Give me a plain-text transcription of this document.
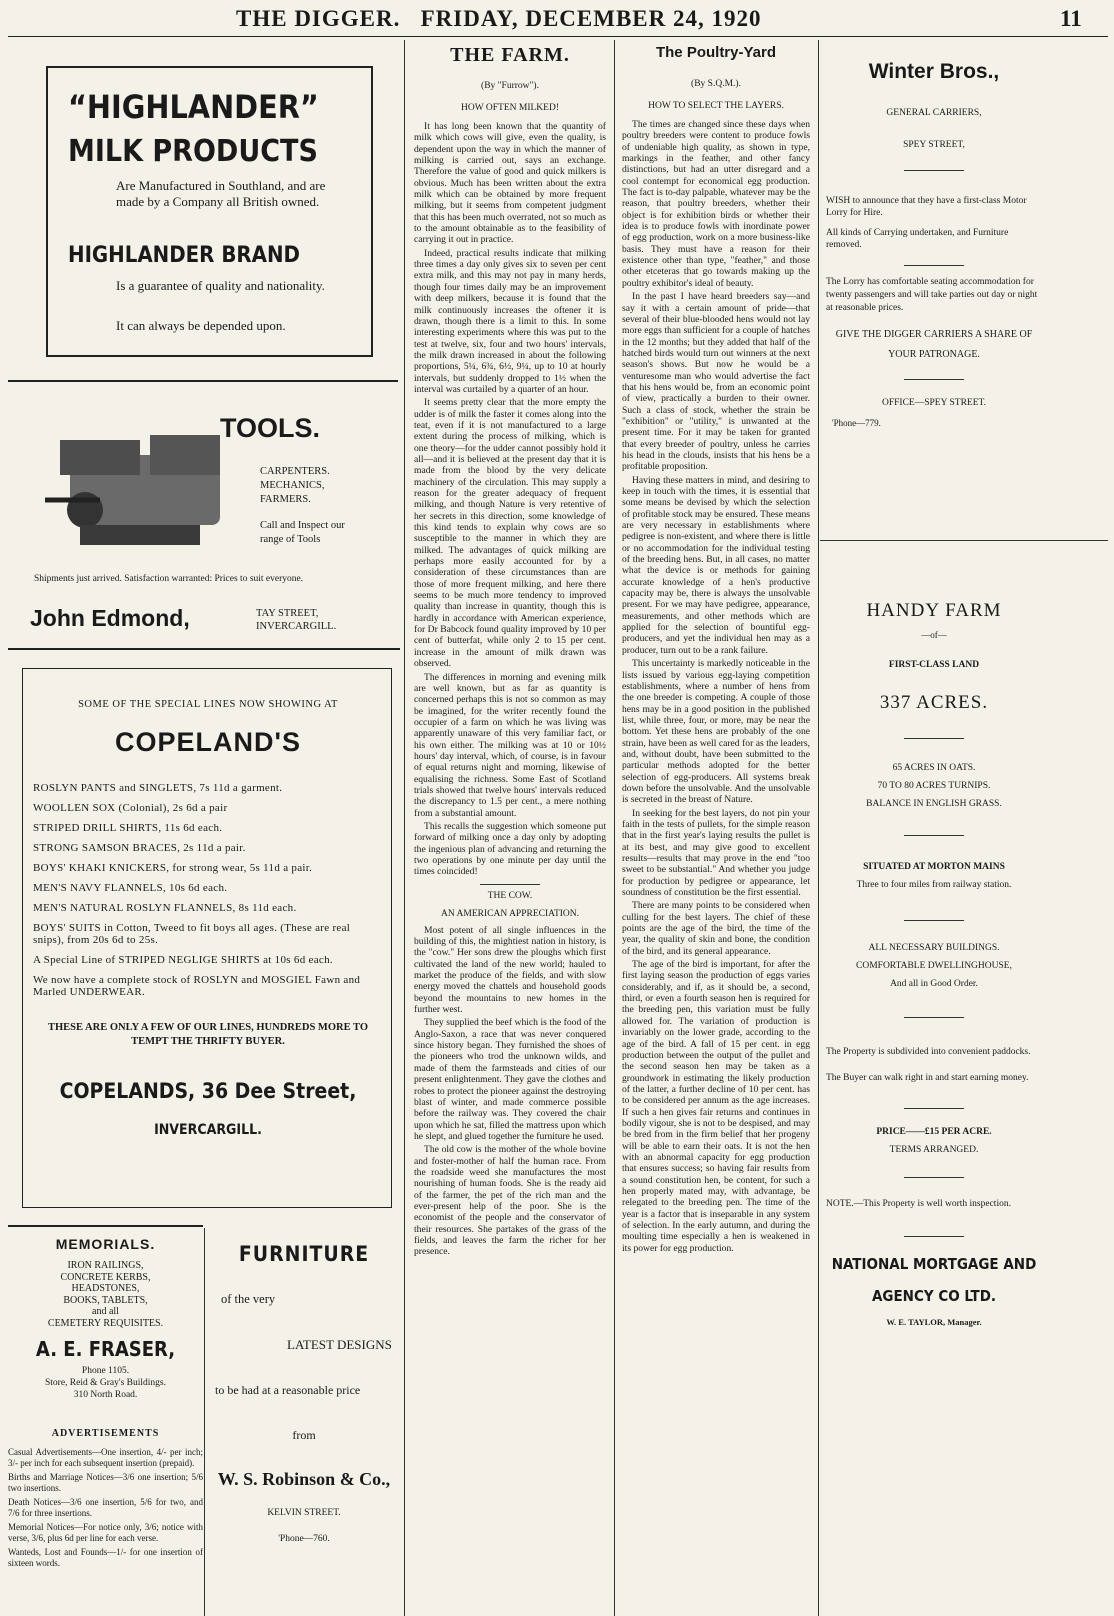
THE DIGGER.   FRIDAY, DECEMBER 24, 1920	11
“HIGHLANDER”
MILK PRODUCTS
Are Manufactured in Southland, and are made by a Company all British owned.
HIGHLANDER BRAND
Is a guarantee of quality and nationality.
It can always be depended upon.
TOOLS.
CARPENTERS.
MECHANICS,
FARMERS.
Call and Inspect our range of Tools
Shipments just arrived. Satisfaction warranted: Prices to suit everyone.
John Edmond,	TAY STREET,
INVERCARGILL.
SOME OF THE SPECIAL LINES NOW SHOWING AT
COPELAND'S
ROSLYN PANTS and SINGLETS, 7s 11d a garment.
WOOLLEN SOX (Colonial), 2s 6d a pair
STRIPED DRILL SHIRTS, 11s 6d each.
STRONG SAMSON BRACES, 2s 11d a pair.
BOYS' KHAKI KNICKERS, for strong wear, 5s 11d a pair.
MEN'S NAVY FLANNELS, 10s 6d each.
MEN'S NATURAL ROSLYN FLANNELS, 8s 11d each.
BOYS' SUITS in Cotton, Tweed to fit boys all ages. (These are real snips), from 20s 6d to 25s.
A Special Line of STRIPED NEGLIGE SHIRTS at 10s 6d each.
We now have a complete stock of ROSLYN and MOSGIEL Fawn and Marled UNDERWEAR.
THESE ARE ONLY A FEW OF OUR LINES, HUNDREDS MORE TO TEMPT THE THRIFTY BUYER.
COPELANDS, 36 Dee Street,
INVERCARGILL.
MEMORIALS.
IRON RAILINGS,
CONCRETE KERBS,
HEADSTONES,
BOOKS, TABLETS,
and all
CEMETERY REQUISITES.
A. E. FRASER,
Phone 1105.
Store, Reid & Gray's Buildings.
310 North Road.
ADVERTISEMENTS
Casual Advertisements—One insertion, 4/- per inch; 3/- per inch for each subsequent insertion (prepaid).
Births and Marriage Notices—3/6 one insertion; 5/6 two insertions.
Death Notices—3/6 one insertion, 5/6 for two, and 7/6 for three insertions.
Memorial Notices—For notice only, 3/6; notice with verse, 3/6, plus 6d per line for each verse.
Wanteds, Lost and Founds—1/- for one insertion of sixteen words.
FURNITURE
of the very
LATEST DESIGNS
to be had at a reasonable price
from
W. S. Robinson & Co.,
KELVIN STREET.
'Phone—760.
THE FARM.
(By "Furrow").
HOW OFTEN MILKED!

It has long been known that the quantity of milk which cows will give, even the quality, is dependent upon the way in which the manner of milking is carried out, says an exchange. Therefore the value of good and quick milkers is obvious. Much has been written about the extra milk which can be obtained by more frequent milking, but it seems from competent judgment that this has been much overrated, not so much as to the amount obtainable as to the feasibility of carrying it out in practice.

Indeed, practical results indicate that milking three times a day only gives six to seven per cent extra milk, and this may not pay in many herds, though four times daily may be an improvement with deep milkers, because it is found that the milk continuously increases the oftener it is drawn, though there is a limit to this. In some interesting experiments where this was put to the test at twelve, six, four and two hours' intervals, the milk drawn increased in about the following proportions, 5¼, 6¾, 6½, 9¼, up to 10 at hourly intervals, but suddenly dropped to 1½ when the interval was curtailed by a quarter of an hour.

It seems pretty clear that the more empty the udder is of milk the faster it comes along into the teat, even if it is not manufactured to a large extent during the process of milking, which is one theory—for the udder cannot possibly hold it all—and it is believed at the present day that it is made from the blood by the very delicate machinery of the circulation. This may supply a reason for the greater adequacy of frequent milking, and though Nature is very retentive of her secrets in this direction, some knowledge of this kind tends to explain why cows are so susceptible to the manner in which they are milked. The advantages of quick milking are perhaps more easily accounted for by a consideration of these circumstances than are those of more frequent milking, and here there seems to be much more tendency to improved quality than increase in quantity, though this is hardly in accordance with American experience, for Dr Babcock found quality improved by 10 per cent of butterfat, while only 2 to 15 per cent. increase in the amount of milk drawn was observed.

The differences in morning and evening milk are well known, but as far as quantity is concerned perhaps this is not so common as may be imagined, for the writer recently found the occupier of a farm on which he was living was apparently unaware of this very familiar fact, or his own either. The milking was at 10 or 10½ hours' day interval, which, of course, is in favour of equal returns night and morning, likewise of equalising the richness. Some East of Scotland trials showed that twelve hours' intervals reduced the discrepancy to 1.5 per cent., a mere nothing from a substantial amount.

This recalls the suggestion which someone put forward of milking once a day only by adopting the ingenious plan of advancing and returning the two operations by one minute per day until the times coincided!

THE COW.
AN AMERICAN APPRECIATION.

Most potent of all single influences in the building of this, the mightiest nation in history, is the "cow." Her sons drew the ploughs which first cultivated the land of the new world; hauled to market the produce of the fields, and with slow energy moved the chattels and household goods beyond the mountains to new homes in the further west.

They supplied the beef which is the food of the Anglo-Saxon, a race that was never conquered since history began. They furnished the shoes of the pioneers who trod the unknown wilds, and made of them the farmsteads and cities of our present enlightenment. They gave the clothes and robes to protect the pioneer against the destroying blast of winter, and made commerce possible before the railway was. They covered the chair upon which he sat, filled the mattress upon which he slept, and glued together the furniture he used.

The old cow is the mother of the whole bovine and foster-mother of half the human race. From the roadside weed she manufactures the most nourishing of human foods. She is the ready aid of the farmer, the pet of the rich man and the ever-present help of the poor. She is the economist of the people and the conservator of their resources. She partakes of the grass of the fields, and leaves the farm the richer for her presence.

The Poultry-Yard
(By S.Q.M.).
HOW TO SELECT THE LAYERS.

The times are changed since these days when poultry breeders were content to produce fowls of undeniable high quality, as shown in type, markings in the feather, and other fancy distinctions, but had an utter disregard and a cool contempt for economical egg production. The fact is to-day palpable, whatever may be the reason, that poultry breeders, whether their object is for exhibition birds or whether their idea is to produce fowls with inordinate power of egg production, work on a more business-like basis. They must have a reason for their existence other than type, "feather," and those other etceteras that go towards making up the poultry exhibitor's ideal of beauty.

In the past I have heard breeders say—and say it with a certain amount of pride—that several of their blue-blooded hens would not lay more eggs than sufficient for a couple of hatches in the 12 months; but they added that half of the hatched birds would turn out winners at the next season's shows. But now he would be a venturesome man who would advertise the fact that his hens would be, from an economic point of view, practically a burden to their owner. Such a class of stock, whether the strain be "exhibition" or "utility," is unwanted at the present time. For it may be taken for granted that every breeder of poultry, unless he carries his head in the clouds, insists that his hens be a profitable proposition.

Having these matters in mind, and desiring to keep in touch with the times, it is essential that some means be devised by which the selection of profitable stock may be ensured. These means are very necessary in establishments where pedigree is non-existent, and where there is little or no accommodation for the individual testing of the breeding hens. But, in all cases, no matter what the device is or methods for gaining accurate knowledge of a hen's productive capacity may be, there is always the unsolvable present. For we may have pedigree, appearance, measurements, and other methods which are applied for the selection of bountiful egg-producers, and yet the individual hen may as a producer, turn out to be a rank failure.

This uncertainty is markedly noticeable in the lists issued by various egg-laying competition establishments, where a number of hens from the one breeder is competing. A couple of those hens may be in a good position in the published list, while three, four, or more, may be near the bottom. Yet these hens are probably of the one strain, have been as well cared for as the leaders, and, without doubt, have been submitted to the particular methods adopted for the better selection of egg-producers. All systems break down before the unsolvable. And the unsolvable is secreted in the breast of Nature.

In seeking for the best layers, do not pin your faith in the tests of pullets, for the simple reason that in the first year's laying results the pullet is at its best, and may give good to excellent results—results that may prove in the end "too sweet to be substantial." And whether you judge for production by pedigree or appearance, let soundness of constitution be the first essential.

There are many points to be considered when culling for the best layers. The chief of these points are the age of the bird, the time of the year, the quality of skin and bone, the condition of the bird, and its general appearance.

The age of the bird is important, for after the first laying season the production of eggs varies considerably, and if, as it should be, a second, third, or even a fourth season hen is required for the breeding pen, this variation must be fully allowed for. The variation of production is invariably on the lower grade, according to the age of the bird. A fall of 15 per cent. in egg production between the output of the pullet and the second season hen may be taken as a groundwork in estimating the likely production of the latter, a further decline of 10 per cent. has to be considered per annum as the age increases. If such a hen gives fair returns and continues in bodily vigour, she is not to be despised, and may be bred from in the firm belief that her progeny will be able to earn their oats. It is not the hen with an abnormal capacity for egg production that ensures success; so having fair results from a sound constitution hen, be content, for such a hen properly mated may, with advantage, be relegated to the breeding pen. The time of the year is a factor that is inseparable in any system of selection. In the early autumn, and during the moulting time especially a hen is weakened in its power for egg production.

Winter Bros.,
GENERAL CARRIERS,
SPEY STREET,
WISH to announce that they have a first-class Motor Lorry for Hire.
All kinds of Carrying undertaken, and Furniture removed.
The Lorry has comfortable seating accommodation for twenty passengers and will take parties out day or night at reasonable prices.
GIVE THE DIGGER CARRIERS A SHARE OF YOUR PATRONAGE.
OFFICE—SPEY STREET.
'Phone—779.
HANDY FARM
—of—
FIRST-CLASS LAND
337 ACRES.
65 ACRES IN OATS.
70 TO 80 ACRES TURNIPS.
BALANCE IN ENGLISH GRASS.
SITUATED AT MORTON MAINS
Three to four miles from railway station.
ALL NECESSARY BUILDINGS.
COMFORTABLE DWELLINGHOUSE,
And all in Good Order.
The Property is subdivided into convenient paddocks.
The Buyer can walk right in and start earning money.
PRICE——£15 PER ACRE.
TERMS ARRANGED.
NOTE.—This Property is well worth inspection.
NATIONAL MORTGAGE AND
AGENCY CO LTD.
W. E. TAYLOR, Manager.
